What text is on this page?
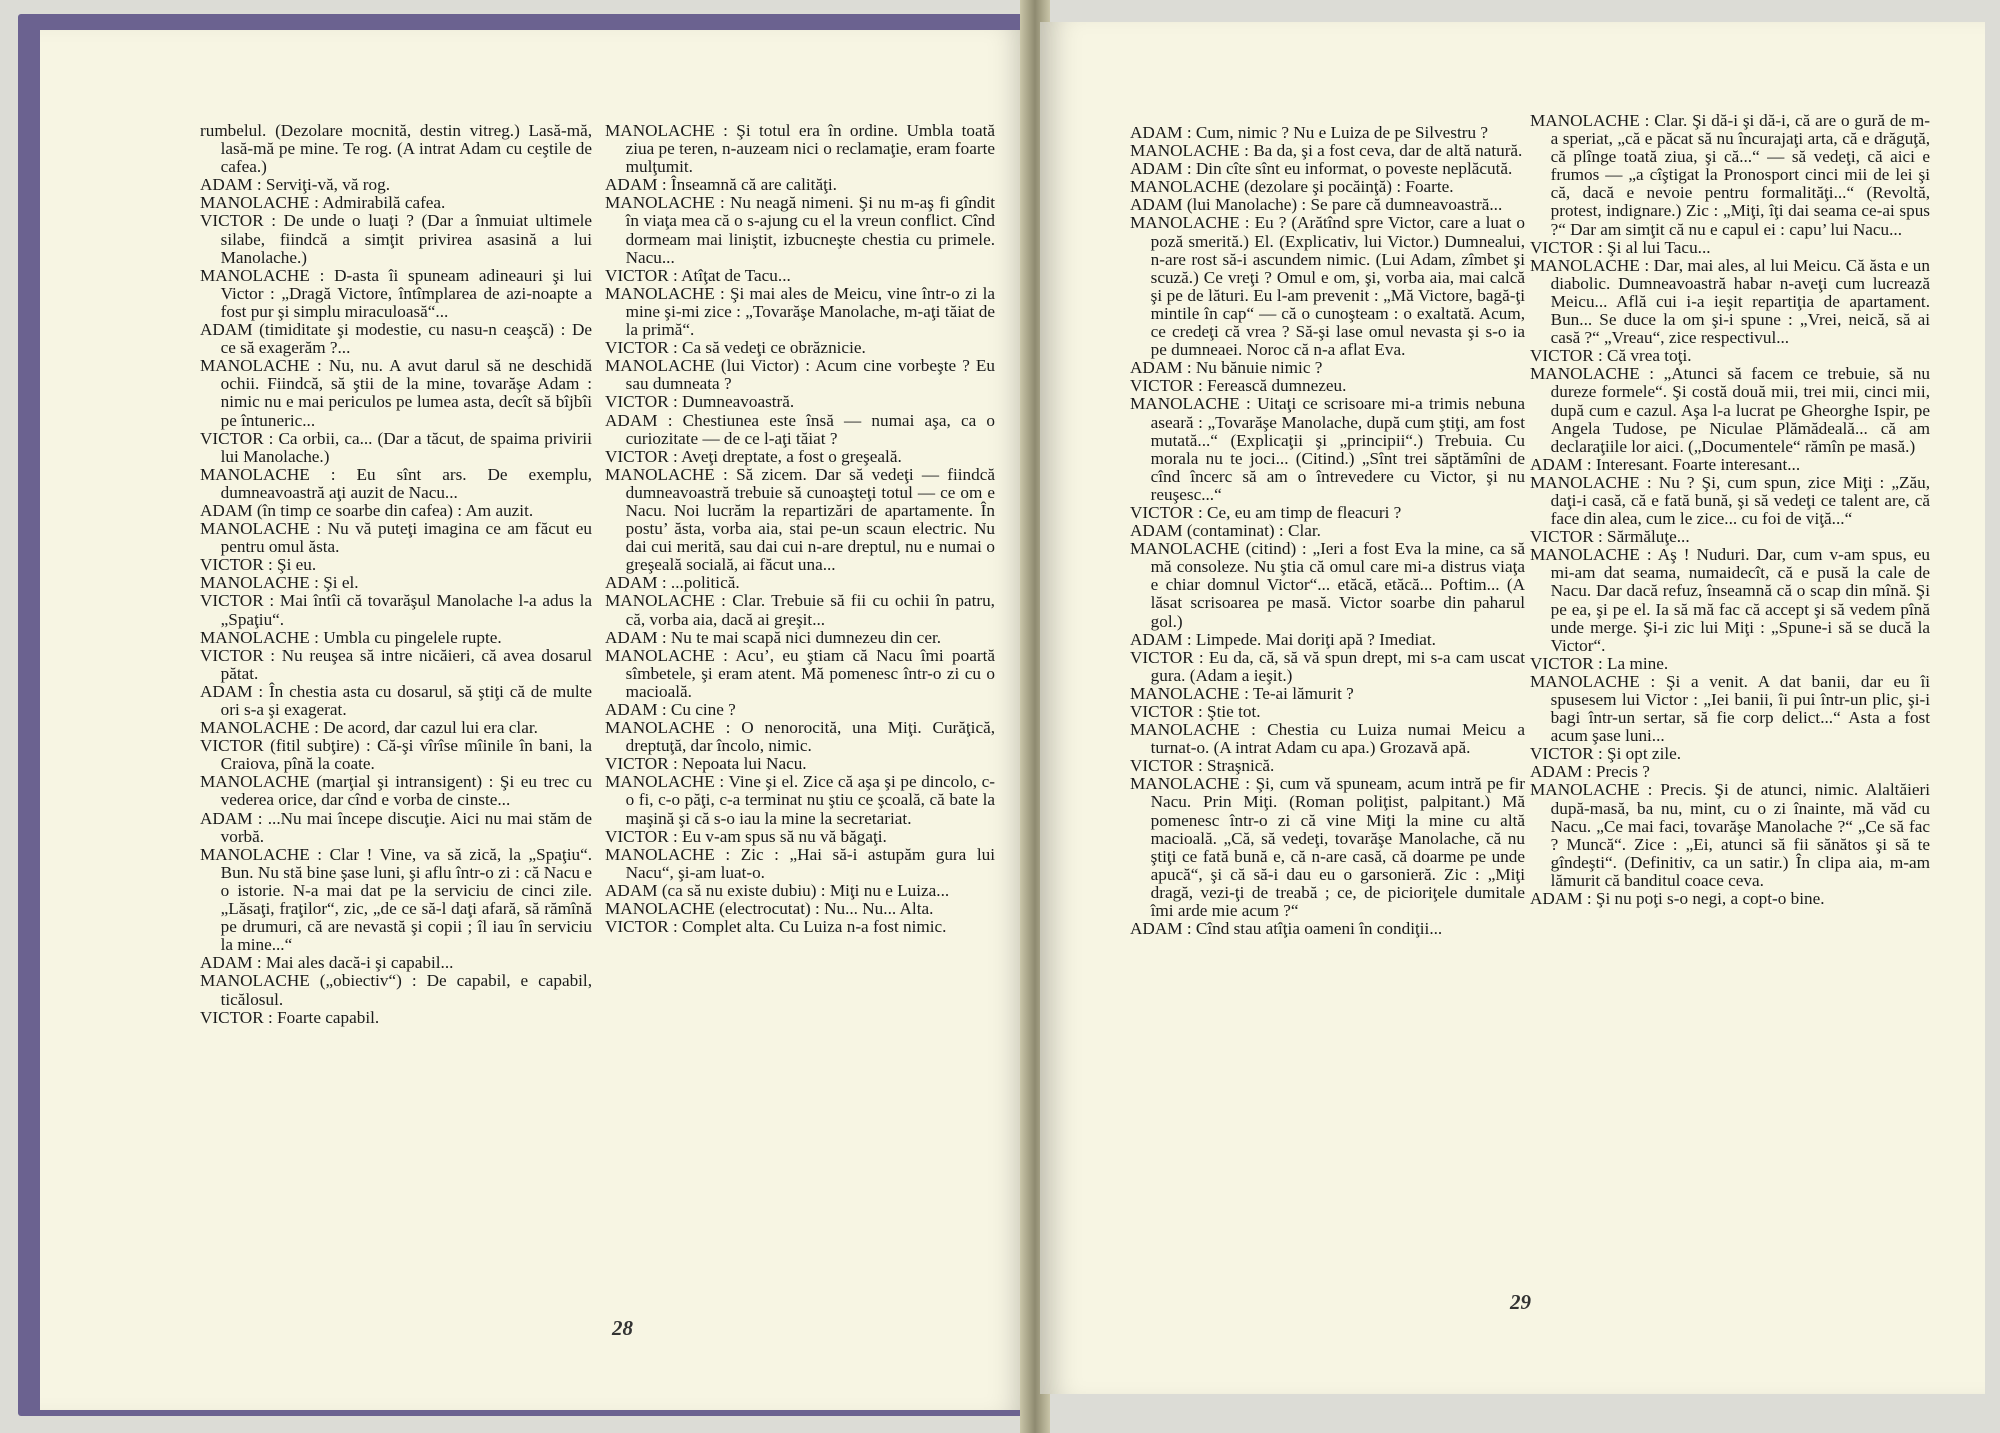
rumbelul. (Dezolare mocnită, destin vitreg.) Lasă-mă, lasă-mă pe mine. Te rog. (A intrat Adam cu ceştile de cafea.)

ADAM : Serviţi-vă, vă rog.

MANOLACHE : Admirabilă cafea.

VICTOR : De unde o luaţi ? (Dar a înmuiat ultimele silabe, fiindcă a simţit privirea asasină a lui Manolache.)

MANOLACHE : D-asta îi spuneam adineauri şi lui Victor : „Dragă Victore, întîmplarea de azi-noapte a fost pur şi simplu miraculoasă“...

ADAM (timiditate şi modestie, cu nasu-n ceaşcă) : De ce să exagerăm ?...

MANOLACHE : Nu, nu. A avut darul să ne deschidă ochii. Fiindcă, să ştii de la mine, tovarăşe Adam : nimic nu e mai periculos pe lumea asta, decît să bîjbîi pe întuneric...

VICTOR : Ca orbii, ca... (Dar a tăcut, de spaima privirii lui Manolache.)

MANOLACHE : Eu sînt ars. De exemplu, dumneavoastră aţi auzit de Nacu...

ADAM (în timp ce soarbe din cafea) : Am auzit.

MANOLACHE : Nu vă puteţi imagina ce am făcut eu pentru omul ăsta.

VICTOR : Şi eu.

MANOLACHE : Şi el.

VICTOR : Mai întîi că tovarăşul Manolache l-a adus la „Spaţiu“.

MANOLACHE : Umbla cu pingelele rupte.

VICTOR : Nu reuşea să intre nicăieri, că avea dosarul pătat.

ADAM : În chestia asta cu dosarul, să ştiţi că de multe ori s-a şi exagerat.

MANOLACHE : De acord, dar cazul lui era clar.

VICTOR (fitil subţire) : Că-şi vîrîse mîinile în bani, la Craiova, pînă la coate.

MANOLACHE (marţial şi intransigent) : Şi eu trec cu vederea orice, dar cînd e vorba de cinste...

ADAM : ...Nu mai începe discuţie. Aici nu mai stăm de vorbă.

MANOLACHE : Clar ! Vine, va să zică, la „Spaţiu“. Bun. Nu stă bine şase luni, şi aflu într-o zi : că Nacu e o istorie. N-a mai dat pe la serviciu de cinci zile. „Lăsaţi, fraţilor“, zic, „de ce să-l daţi afară, să rămînă pe drumuri, că are nevastă şi copii ; îl iau în serviciu la mine...“

ADAM : Mai ales dacă-i şi capabil...

MANOLACHE („obiectiv“) : De capabil, e capabil, ticălosul.

VICTOR : Foarte capabil.

MANOLACHE : Şi totul era în ordine. Umbla toată ziua pe teren, n-auzeam nici o reclamaţie, eram foarte mulţumit.

ADAM : Înseamnă că are calităţi.

MANOLACHE : Nu neagă nimeni. Şi nu m-aş fi gîndit în viaţa mea că o s-ajung cu el la vreun conflict. Cînd dormeam mai liniştit, izbucneşte chestia cu primele. Nacu...

VICTOR : Atîţat de Tacu...

MANOLACHE : Şi mai ales de Meicu, vine într-o zi la mine şi-mi zice : „Tovarăşe Manolache, m-aţi tăiat de la primă“.

VICTOR : Ca să vedeţi ce obrăznicie.

MANOLACHE (lui Victor) : Acum cine vorbeşte ? Eu sau dumneata ?

VICTOR : Dumneavoastră.

ADAM : Chestiunea este însă — numai aşa, ca o curiozitate — de ce l-aţi tăiat ?

VICTOR : Aveţi dreptate, a fost o greşeală.

MANOLACHE : Să zicem. Dar să vedeţi — fiindcă dumneavoastră trebuie să cunoaşteţi totul — ce om e Nacu. Noi lucrăm la repartizări de apartamente. În postu’ ăsta, vorba aia, stai pe-un scaun electric. Nu dai cui merită, sau dai cui n-are dreptul, nu e numai o greşeală socială, ai făcut una...

ADAM : ...politică.

MANOLACHE : Clar. Trebuie să fii cu ochii în patru, că, vorba aia, dacă ai greşit...

ADAM : Nu te mai scapă nici dumnezeu din cer.

MANOLACHE : Acu’, eu ştiam că Nacu îmi poartă sîmbetele, şi eram atent. Mă pomenesc într-o zi cu o macioală.

ADAM : Cu cine ?

MANOLACHE : O nenorocită, una Miţi. Curăţică, dreptuţă, dar încolo, nimic.

VICTOR : Nepoata lui Nacu.

MANOLACHE : Vine şi el. Zice că aşa şi pe dincolo, c-o fi, c-o păţi, c-a terminat nu ştiu ce şcoală, că bate la maşină şi că s-o iau la mine la secretariat.

VICTOR : Eu v-am spus să nu vă băgaţi.

MANOLACHE : Zic : „Hai să-i astupăm gura lui Nacu“, şi-am luat-o.

ADAM (ca să nu existe dubiu) : Miţi nu e Luiza...

MANOLACHE (electrocutat) : Nu... Nu... Alta.

VICTOR : Complet alta. Cu Luiza n-a fost nimic.

28

ADAM : Cum, nimic ? Nu e Luiza de pe Silvestru ?

MANOLACHE : Ba da, şi a fost ceva, dar de altă natură.

ADAM : Din cîte sînt eu informat, o poveste neplăcută.

MANOLACHE (dezolare şi pocăinţă) : Foarte.

ADAM (lui Manolache) : Se pare că dumneavoastră...

MANOLACHE : Eu ? (Arătînd spre Victor, care a luat o poză smerită.) El. (Explicativ, lui Victor.) Dumnealui, n-are rost să-i ascundem nimic. (Lui Adam, zîmbet şi scuză.) Ce vreţi ? Omul e om, şi, vorba aia, mai calcă şi pe de lături. Eu l-am prevenit : „Mă Victore, bagă-ţi mintile în cap“ — că o cunoşteam : o exaltată. Acum, ce credeţi că vrea ? Să-şi lase omul nevasta şi s-o ia pe dumneaei. Noroc că n-a aflat Eva.

ADAM : Nu bănuie nimic ?

VICTOR : Ferească dumnezeu.

MANOLACHE : Uitaţi ce scrisoare mi-a trimis nebuna aseară : „Tovarăşe Manolache, după cum ştiţi, am fost mutată...“ (Explicaţii şi „principii“.) Trebuia. Cu moralа nu te joci... (Citind.) „Sînt trei săptămîni de cînd încerc să am o întrevedere cu Victor, şi nu reuşesc...“

VICTOR : Ce, eu am timp de fleacuri ?

ADAM (contaminat) : Clar.

MANOLACHE (citind) : „Ieri a fost Eva la mine, ca să mă consoleze. Nu ştia că omul care mi-a distrus viaţa e chiar domnul Victor“... etăcă, etăcă... Poftim... (A lăsat scrisoarea pe masă. Victor soarbe din paharul gol.)

ADAM : Limpede. Mai doriţi apă ? Imediat.

VICTOR : Eu da, că, să vă spun drept, mi s-a cam uscat gura. (Adam a ieşit.)

MANOLACHE : Te-ai lămurit ?

VICTOR : Ştie tot.

MANOLACHE : Chestia cu Luiza numai Meicu a turnat-o. (A intrat Adam cu apa.) Grozavă apă.

VICTOR : Straşnică.

MANOLACHE : Şi, cum vă spuneam, acum intră pe fir Nacu. Prin Miţi. (Roman poliţist, palpitant.) Mă pomenesc într-o zi că vine Miţi la mine cu altă macioală. „Că, să vedeţi, tovarăşe Manolache, că nu ştiţi ce fată bună e, că n-are casă, că doarme pe unde apucă“, şi că să-i dau eu o garsonieră. Zic : „Miţi dragă, vezi-ţi de treabă ; ce, de picioriţele dumitale îmi arde mie acum ?“

ADAM : Cînd stau atîţia oameni în condiţii...

MANOLACHE : Clar. Şi dă-i şi dă-i, că are o gură de m-a speriat, „că e păcat să nu încurajaţi arta, că e drăguţă, că plînge toată ziua, şi că...“ — să vedeţi, că aici e frumos — „a cîştigat la Pronosport cinci mii de lei şi că, dacă e nevoie pentru formalităţi...“ (Revoltă, protest, indignare.) Zic : „Miţi, îţi dai seama ce-ai spus ?“ Dar am simţit că nu e capul ei : capu’ lui Nacu...

VICTOR : Şi al lui Tacu...

MANOLACHE : Dar, mai ales, al lui Meicu. Că ăsta e un diabolic. Dumneavoastră habar n-aveţi cum lucrează Meicu... Află cui i-a ieşit repartiţia de apartament. Bun... Se duce la om şi-i spune : „Vrei, neică, să ai casă ?“ „Vreau“, zice respectivul...

VICTOR : Că vrea toţi.

MANOLACHE : „Atunci să facem ce trebuie, să nu dureze formele“. Şi costă două mii, trei mii, cinci mii, după cum e cazul. Aşa l-a lucrat pe Gheorghe Ispir, pe Angela Tudose, pe Niculae Plămădeală... că am declaraţiile lor aici. („Documentele“ rămîn pe masă.)

ADAM : Interesant. Foarte interesant...

MANOLACHE : Nu ? Şi, cum spun, zice Miţi : „Zău, daţi-i casă, că e fată bună, şi să vedeţi ce talent are, că face din alea, cum le zice... cu foi de viţă...“

VICTOR : Sărmăluţe...

MANOLACHE : Aş ! Nuduri. Dar, cum v-am spus, eu mi-am dat seama, numaidecît, că e pusă la cale de Nacu. Dar dacă refuz, înseamnă că o scap din mînă. Şi pe ea, şi pe el. Ia să mă fac că accept şi să vedem pînă unde merge. Şi-i zic lui Miţi : „Spune-i să se ducă la Victor“.

VICTOR : La mine.

MANOLACHE : Şi a venit. A dat banii, dar eu îi spusesem lui Victor : „Iei banii, îi pui într-un plic, şi-i bagi într-un sertar, să fie corp delict...“ Asta a fost acum şase luni...

VICTOR : Şi opt zile.

ADAM : Precis ?

MANOLACHE : Precis. Şi de atunci, nimic. Alaltăieri după-masă, ba nu, mint, cu o zi înainte, mă văd cu Nacu. „Ce mai faci, tovarăşe Manolache ?“ „Ce să fac ? Muncă“. Zice : „Ei, atunci să fii sănătos şi să te gîndeşti“. (Definitiv, ca un satir.) În clipa aia, m-am lămurit că banditul coace ceva.

ADAM : Şi nu poţi s-o negi, a copt-o bine.

29
